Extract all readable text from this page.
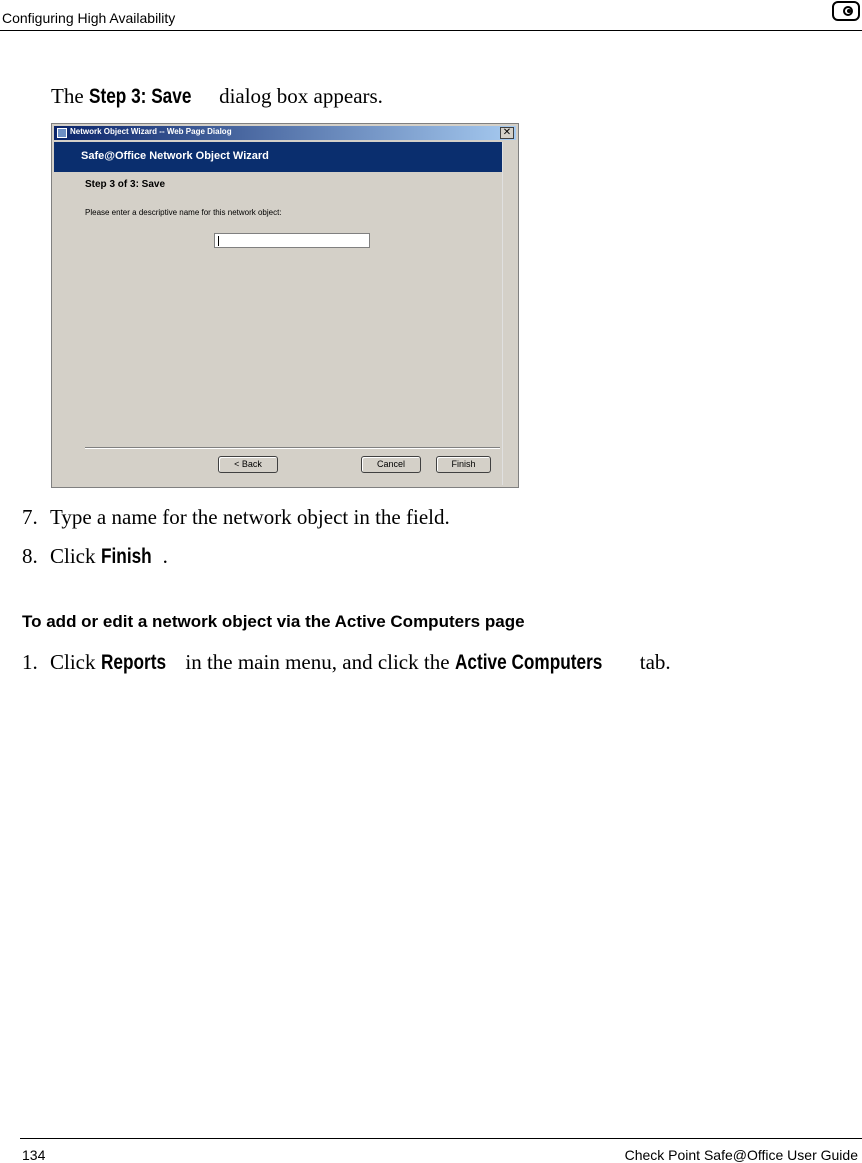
Configuring High Availability
The Step 3: Save dialog box appears.
Network Object Wizard -- Web Page Dialog	✕
Safe@Office Network Object Wizard
Step 3 of 3: Save
Please enter a descriptive name for this network object:
< Back	Cancel	Finish
7. Type a name for the network object in the field.
8. Click Finish .
To add or edit a network object via the Active Computers page
1. Click Reports in the main menu, and click the Active Computers tab.
134	Check Point Safe@Office User Guide
